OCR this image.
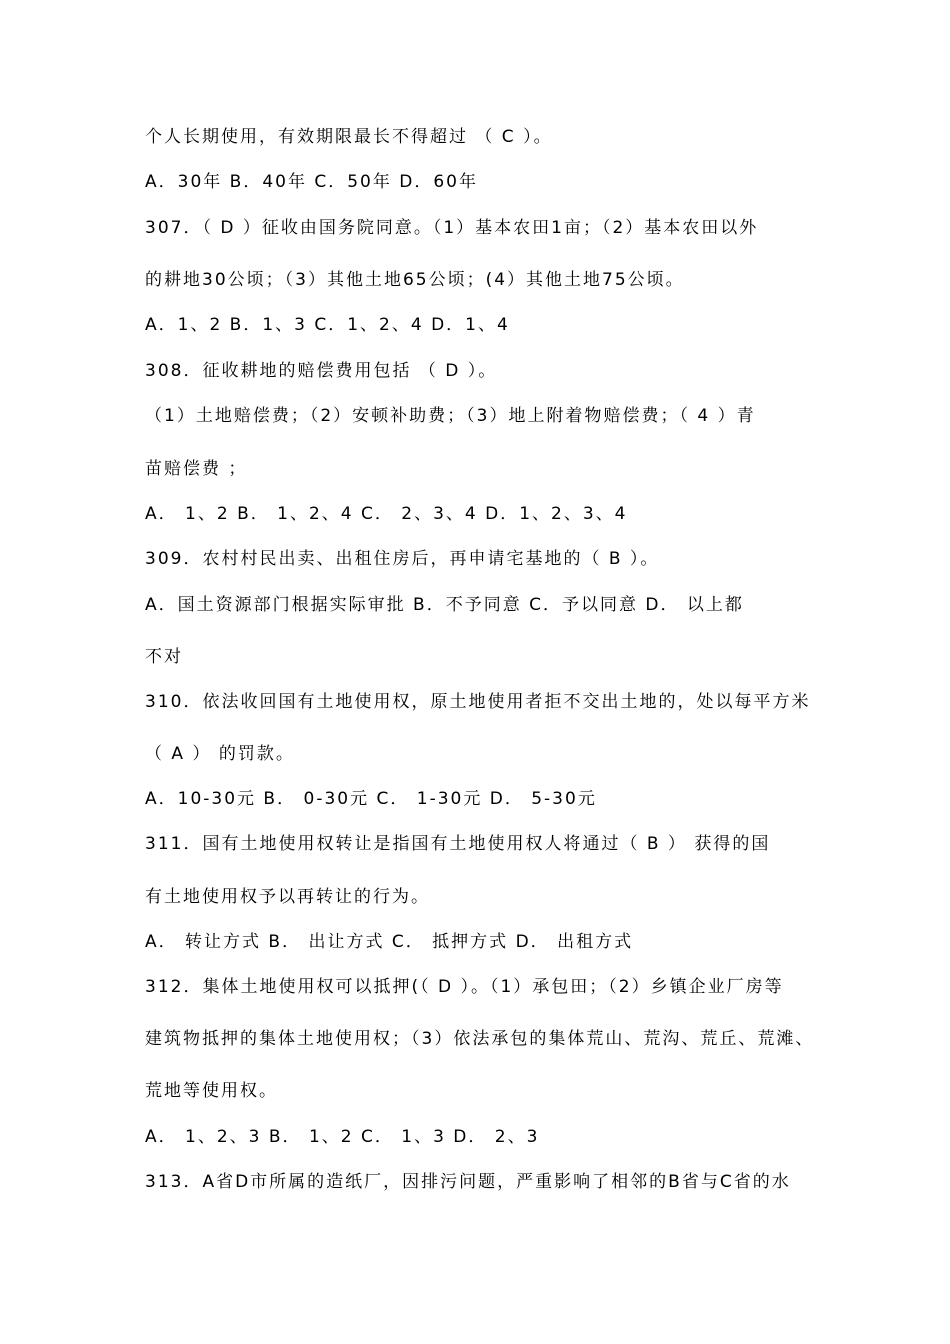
个人长期使用，有效期限最长不得超过 （ C ）。
A．30年 B．40年 C．50年 D．60年
307．（ D ）征收由国务院同意。（1）基本农田1亩；（2）基本农田以外
的耕地30公顷；（3）其他土地65公顷；(4）其他土地75公顷。
A．1、2 B．1、3 C．1、2、4 D．1、4
308．征收耕地的赔偿费用包括 （ D ）。
（1）土地赔偿费；（2）安顿补助费；（3）地上附着物赔偿费；（ 4 ）青
苗赔偿费 ；
A． 1、2 B． 1、2、4 C． 2、3、4 D．1、2、3、4
309．农村村民出卖、出租住房后，再申请宅基地的（ B ）。
A．国土资源部门根据实际审批 B．不予同意 C．予以同意 D． 以上都
不对
310．依法收回国有土地使用权，原土地使用者拒不交出土地的，处以每平方米
（ A ） 的罚款。
A．10-30元 B． 0-30元 C． 1-30元 D． 5-30元
311．国有土地使用权转让是指国有土地使用权人将通过（ B ） 获得的国
有土地使用权予以再转让的行为。
A． 转让方式 B． 出让方式 C． 抵押方式 D． 出租方式
312．集体土地使用权可以抵押(（ D ）。（1）承包田；（2）乡镇企业厂房等
建筑物抵押的集体土地使用权；（3）依法承包的集体荒山、荒沟、荒丘、荒滩、
荒地等使用权。
A． 1、2、3 B． 1、2 C． 1、3 D． 2、3
313．A省D市所属的造纸厂，因排污问题，严重影响了相邻的B省与C省的水
